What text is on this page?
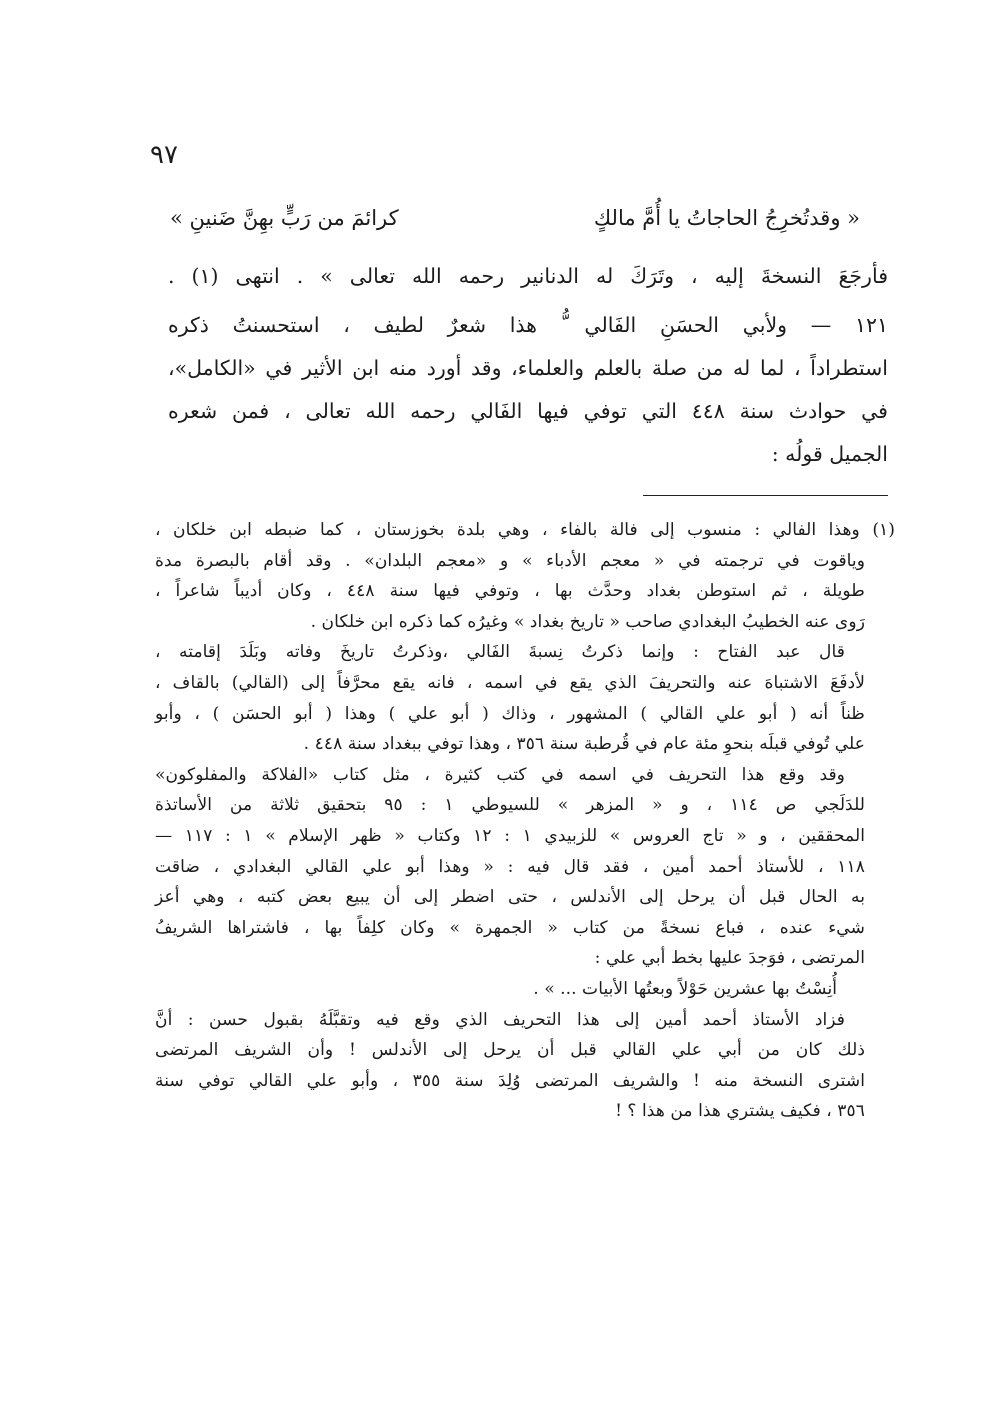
٩٧
« وقدتُخرِجُ الحاجاتُ يا أُمَّ مالكٍ
كرائمَ من رَبٍّ بهِنَّ ضَنينِ »
فأرجَعَ النسخةَ إليه ، وتَرَكَ له الدنانير رحمه الله تعالى » . انتهى (١) .
١٢١ — ولأبي الحسَنِ الفَالي ُّ هذا شعرٌ لطيف ، استحسنتُ ذكره
استطراداً ، لما له من صلة بالعلم والعلماء، وقد أورد منه ابن الأثير في «الكامل»،
في حوادث سنة ٤٤٨ التي توفي فيها الفَالي رحمه الله تعالى ، فمن شعره
الجميل قولُه :
(١) وهذا الفالي : منسوب إلى فالة بالفاء ، وهي بلدة بخوزستان ، كما ضبطه ابن خلكان ،
وياقوت في ترجمته في « معجم الأدباء » و «معجم البلدان» . وقد أقام بالبصرة مدة
طويلة ، ثم استوطن بغداد وحدَّث بها ، وتوفي فيها سنة ٤٤٨ ، وكان أديباً شاعراً ،
رَوى عنه الخطيبُ البغدادي صاحب « تاريخ بغداد » وغيرُه كما ذكره ابن خلكان .
قال عبد الفتاح : وإنما ذكرتُ نِسبةَ الفَالي ،وذكرتُ تاريخَ وفاته وبَلَدَ إقامته ،
لأدفَعَ الاشتباهَ عنه والتحريفَ الذي يقع في اسمه ، فانه يقع محرَّفاً إلى (القالي) بالقاف ،
ظناً أنه ( أبو علي القالي ) المشهور ، وذاك ( أبو علي ) وهذا ( أبو الحسَن ) ، وأبو
علي تُوفي قبلَه بنحوِ مئة عام في قُرطبة سنة ٣٥٦ ، وهذا توفي ببغداد سنة ٤٤٨ .
وقد وقع هذا التحريف في اسمه في كتب كثيرة ، مثل كتاب «الفلاكة والمفلوكون»
للدَلَجي ص ١١٤ ، و « المزهر » للسيوطي ١ : ٩٥ بتحقيق ثلاثة من الأساتذة
المحققين ، و « تاج العروس » للزبيدي ١ : ١٢ وكتاب « ظهر الإسلام » ١ : ١١٧ —
١١٨ ، للأستاذ أحمد أمين ، فقد قال فيه : « وهذا أبو علي القالي البغدادي ، ضاقت
به الحال قبل أن يرحل إلى الأندلس ، حتى اضطر إلى أن يبيع بعض كتبه ، وهي أعز
شيء عنده ، فباع نسخةً من كتاب « الجمهرة » وكان كلِفاً بها ، فاشتراها الشريفُ
المرتضى ، فوَجدَ عليها بخط أبي علي :
أُنِسْتُ بها عشرين حَوْلاً وبعتُها الأبيات ... » .
فزاد الأستاذ أحمد أمين إلى هذا التحريف الذي وقع فيه وتقبَّلَهُ بقبول حسن : أنَّ
ذلك كان من أبي علي القالي قبل أن يرحل إلى الأندلس ! وأن الشريف المرتضى
اشترى النسخة منه ! والشريف المرتضى وُلِدَ سنة ٣٥٥ ، وأبو علي القالي توفي سنة
٣٥٦ ، فكيف يشتري هذا من هذا ؟ !
